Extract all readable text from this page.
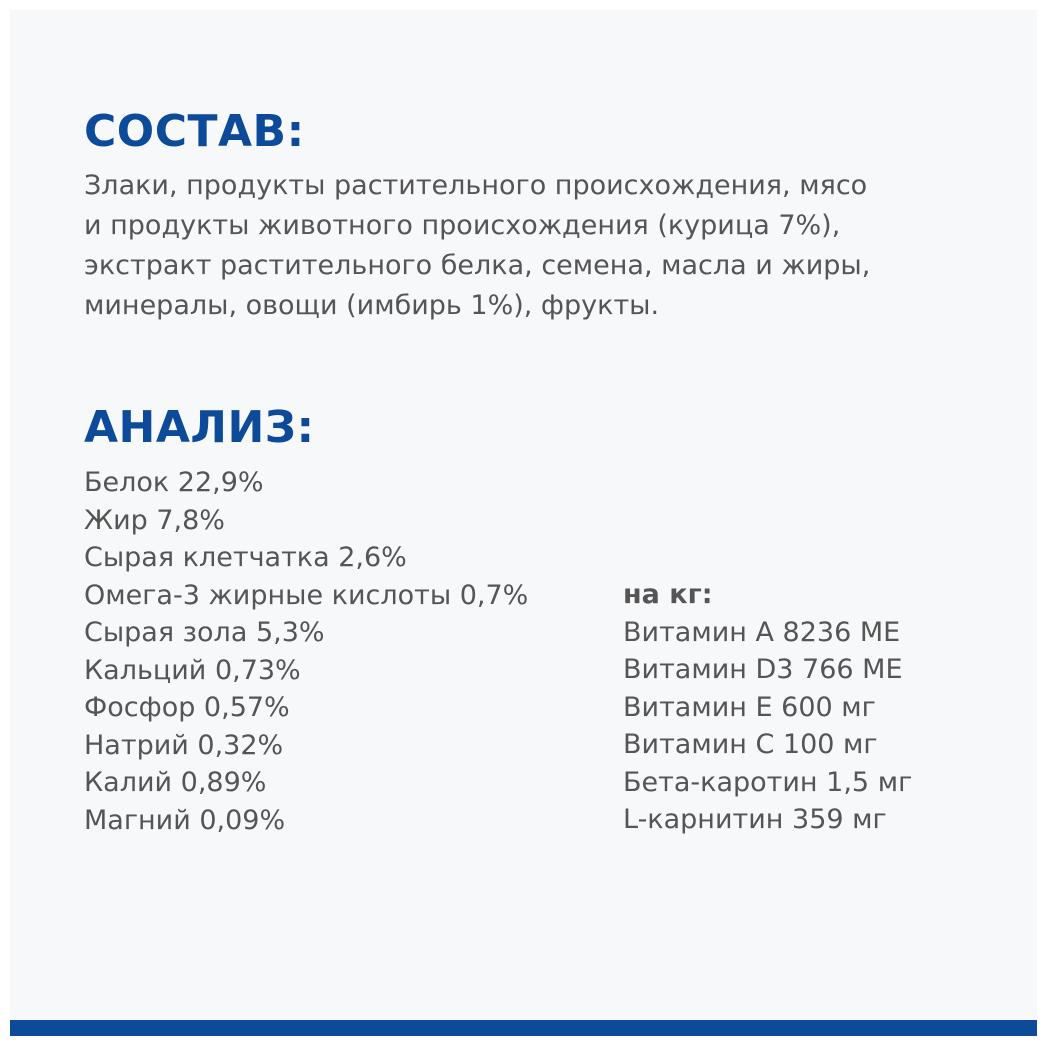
СОСТАВ:
Злаки, продукты растительного происхождения, мясо
и продукты животного происхождения (курица 7%),
экстракт растительного белка, семена, масла и жиры,
минералы, овощи (имбирь 1%), фрукты.
АНАЛИЗ:
Белок 22,9%
Жир 7,8%
Сырая клетчатка 2,6%
Омега-3 жирные кислоты 0,7%
Сырая зола 5,3%
Кальций 0,73%
Фосфор 0,57%
Натрий 0,32%
Калий 0,89%
Магний 0,09%
на кг:
Витамин А 8236 МЕ
Витамин D3 766 МЕ
Витамин Е 600 мг
Витамин С 100 мг
Бета-каротин 1,5 мг
L-карнитин 359 мг
